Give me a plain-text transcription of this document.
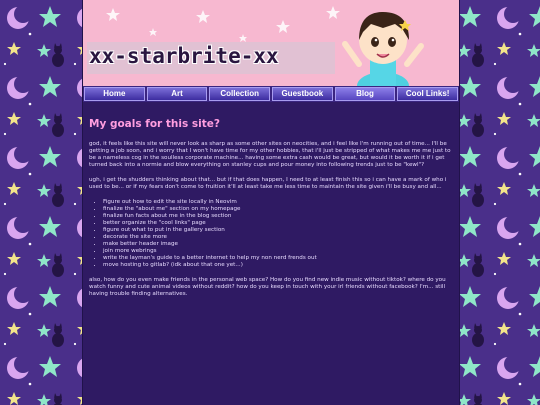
xx-starbrite-xx
Home	Art	Collection	Guestbook	Blog	Cool Links!
My goals for this site?

god, it feels like this site will never look as sharp as some other sites on neocities, and i feel like I'm running out of time... I'll be getting a job soon, and i worry that I won't have time for my other hobbies, that i'll just be stripped of what makes me me just to be a nameless cog in the soulless corporate machine... having some extra cash would be great, but would it be worth it if i get turned back into a normie and blow everything on stanley cups and pour money into following trends just to be "kewl"?

ugh, i get the shudders thinking about that... but if that does happen, I need to at least finish this so i can have a mark of who i used to be... or if my fears don't come to fruition it'll at least take me less time to maintain the site given i'll be busy and all...

• Figure out how to edit the site locally in Neovim
• finalize the "about me" section on my homepage
• finalize fun facts about me in the blog section
• better organize the "cool links" page
• figure out what to put in the gallery section
• decorate the site more
• make better header image
• join more webrings
• write the layman's guide to a better internet to help my non nerd frends out
• move hosting to gitlab? (idk about that one yet...)

also, how do you even make friends in the personal web space? How do you find new indie music without tiktok? where do you watch funny and cute animal videos without reddit? how do you keep in touch with your irl friends without facebook? I'm... still having trouble finding alternatives.
